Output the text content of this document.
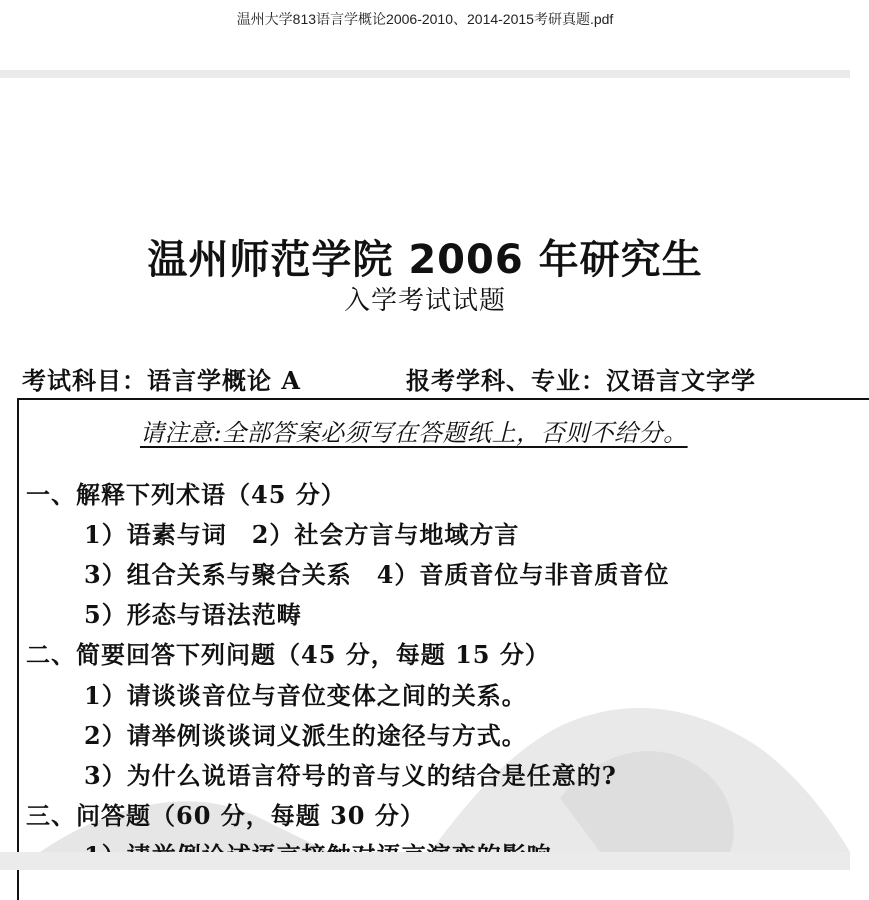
温州大学813语言学概论2006-2010、2014-2015考研真题.pdf
温州师范学院 2006 年研究生
入学考试试题
考试科目：语言学概论 A	报考学科、专业：汉语言文字学
请注意:全部答案必须写在答题纸上，否则不给分。
一、解释下列术语（45 分）
1）语素与词　2）社会方言与地域方言
3）组合关系与聚合关系　4）音质音位与非音质音位
5）形态与语法范畴
二、简要回答下列问题（45 分，每题 15 分）
1）请谈谈音位与音位变体之间的关系。
2）请举例谈谈词义派生的途径与方式。
3）为什么说语言符号的音与义的结合是任意的?
三、问答题（60 分，每题 30 分）
